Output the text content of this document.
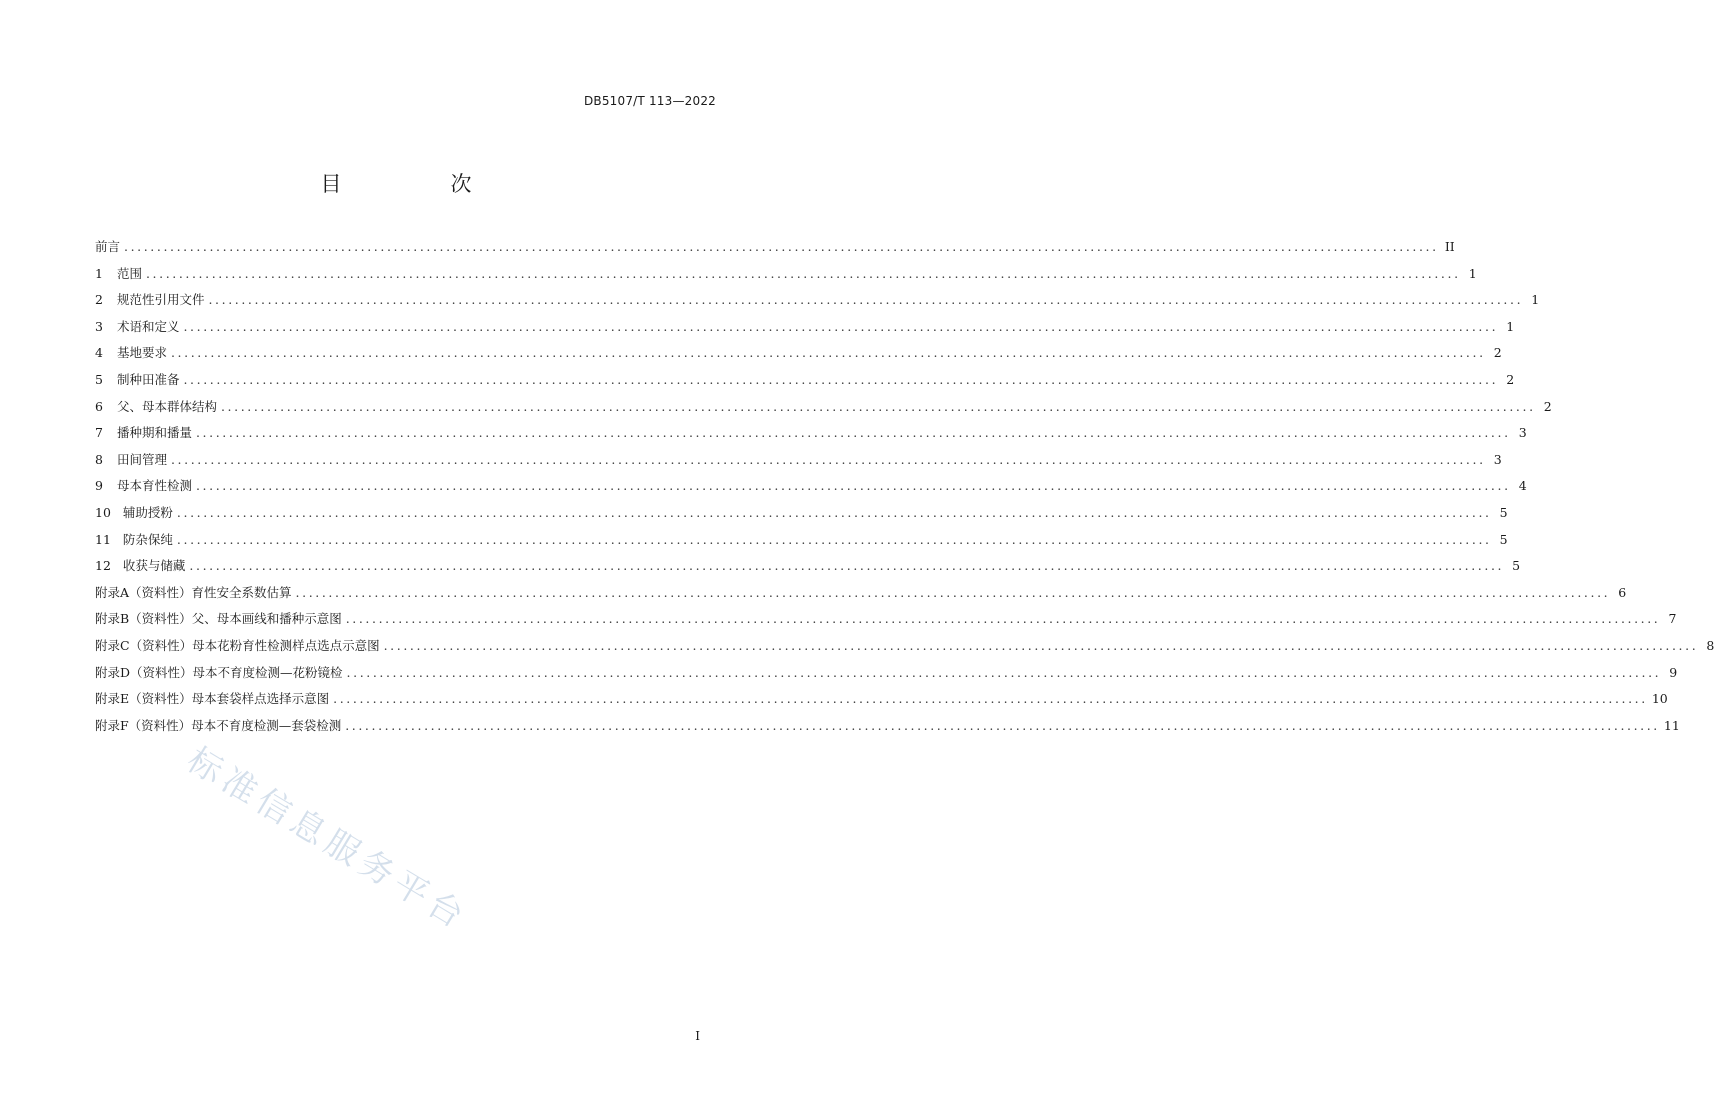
DB5107/T 113—2022
目　次
前言 ........................................................................................................................................................................................................ II
1 范围 ........................................................................................................................................................................................................ 1
2 规范性引用文件 ........................................................................................................................................................................................................ 1
3 术语和定义 ........................................................................................................................................................................................................ 1
4 基地要求 ........................................................................................................................................................................................................ 2
5 制种田准备 ........................................................................................................................................................................................................ 2
6 父、母本群体结构 ........................................................................................................................................................................................................ 2
7 播种期和播量 ........................................................................................................................................................................................................ 3
8 田间管理 ........................................................................................................................................................................................................ 3
9 母本育性检测 ........................................................................................................................................................................................................ 4
10 辅助授粉 ........................................................................................................................................................................................................ 5
11 防杂保纯 ........................................................................................................................................................................................................ 5
12 收获与储藏 ........................................................................................................................................................................................................ 5
附录A（资料性） 育性安全系数估算 ........................................................................................................................................................................................................ 6
附录B（资料性） 父、母本画线和播种示意图 ........................................................................................................................................................................................................ 7
附录C（资料性） 母本花粉育性检测样点选点示意图 ........................................................................................................................................................................................................ 8
附录D（资料性） 母本不育度检测—花粉镜检 ........................................................................................................................................................................................................ 9
附录E（资料性） 母本套袋样点选择示意图 ........................................................................................................................................................................................................ 10
附录F（资料性） 母本不育度检测—套袋检测 ........................................................................................................................................................................................................ 11
I
标准信息服务平台
